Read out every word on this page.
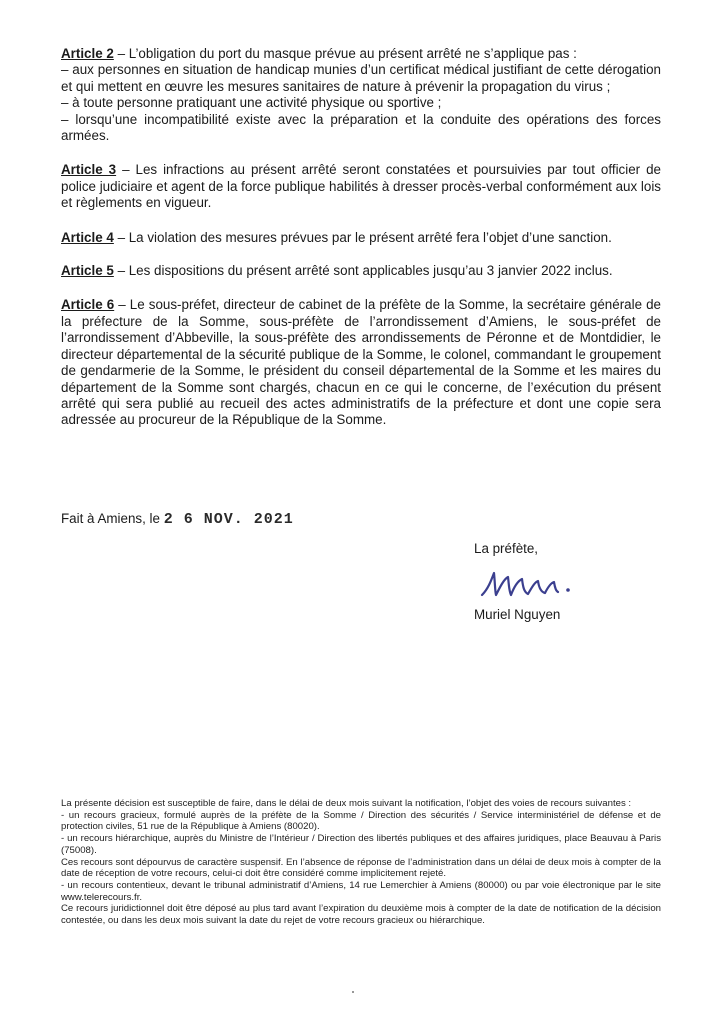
Article 2 – L’obligation du port du masque prévue au présent arrêté ne s’applique pas :
– aux personnes en situation de handicap munies d’un certificat médical justifiant de cette dérogation et qui mettent en œuvre les mesures sanitaires de nature à prévenir la propagation du virus ;
– à toute personne pratiquant une activité physique ou sportive ;
– lorsqu’une incompatibilité existe avec la préparation et la conduite des opérations des forces armées.

Article 3 – Les infractions au présent arrêté seront constatées et poursuivies par tout officier de police judiciaire et agent de la force publique habilités à dresser procès-verbal conformément aux lois et règlements en vigueur.

Article 4 – La violation des mesures prévues par le présent arrêté fera l’objet d’une sanction.

Article 5 – Les dispositions du présent arrêté sont applicables jusqu’au 3 janvier 2022 inclus.

Article 6 – Le sous-préfet, directeur de cabinet de la préfète de la Somme, la secrétaire générale de la préfecture de la Somme, sous-préfète de l’arrondissement d’Amiens, le sous-préfet de l’arrondissement d’Abbeville, la sous-préfète des arrondissements de Péronne et de Montdidier, le directeur départemental de la sécurité publique de la Somme, le colonel, commandant le groupement de gendarmerie de la Somme, le président du conseil départemental de la Somme et les maires du département de la Somme sont chargés, chacun en ce qui le concerne, de l’exécution du présent arrêté qui sera publié au recueil des actes administratifs de la préfecture et dont une copie sera adressée au procureur de la République de la Somme.

Fait à Amiens, le 2 6 NOV. 2021
La préfète,
Muriel Nguyen

La présente décision est susceptible de faire, dans le délai de deux mois suivant la notification, l’objet des voies de recours suivantes :

- un recours gracieux, formulé auprès de la préfète de la Somme / Direction des sécurités / Service interministériel de défense et de protection civiles, 51 rue de la République à Amiens (80020).

- un recours hiérarchique, auprès du Ministre de l’Intérieur / Direction des libertés publiques et des affaires juridiques, place Beauvau à Paris (75008).

Ces recours sont dépourvus de caractère suspensif. En l’absence de réponse de l’administration dans un délai de deux mois à compter de la date de réception de votre recours, celui-ci doit être considéré comme implicitement rejeté.

- un recours contentieux, devant le tribunal administratif d’Amiens, 14 rue Lemerchier à Amiens (80000) ou par voie électronique par le site www.telerecours.fr.

Ce recours juridictionnel doit être déposé au plus tard avant l’expiration du deuxième mois à compter de la date de notification de la décision contestée, ou dans les deux mois suivant la date du rejet de votre recours gracieux ou hiérarchique.
